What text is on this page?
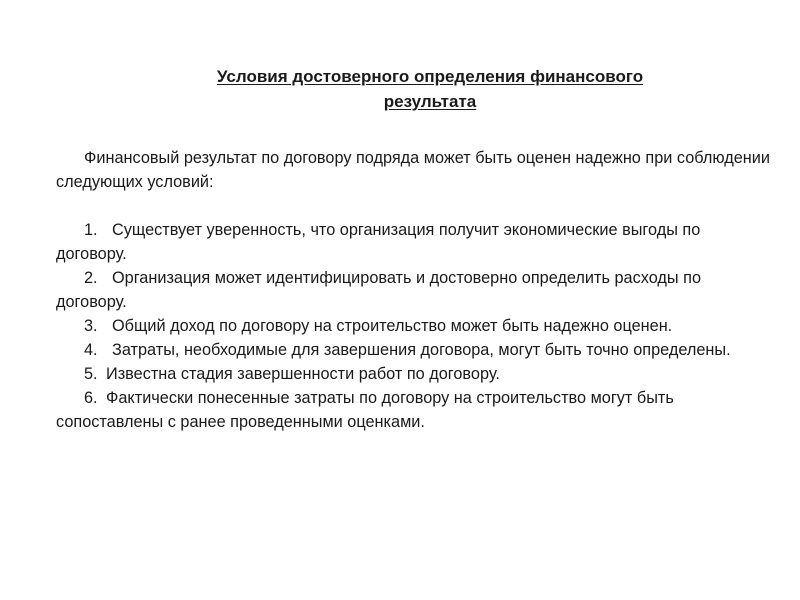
Условия достоверного определения финансового
результата

Финансовый результат по договору подряда может быть оценен надежно при соблюдении следующих условий:

1. Существует уверенность, что организация получит экономические выгоды по договору.
2. Организация может идентифицировать и достоверно определить расходы по договору.
3. Общий доход по договору на строительство может быть надежно оценен.
4. Затраты, необходимые для завершения договора, могут быть точно определены.
5. Известна стадия завершенности работ по договору.
6. Фактически понесенные затраты по договору на строительство могут быть сопоставлены с ранее проведенными оценками.
